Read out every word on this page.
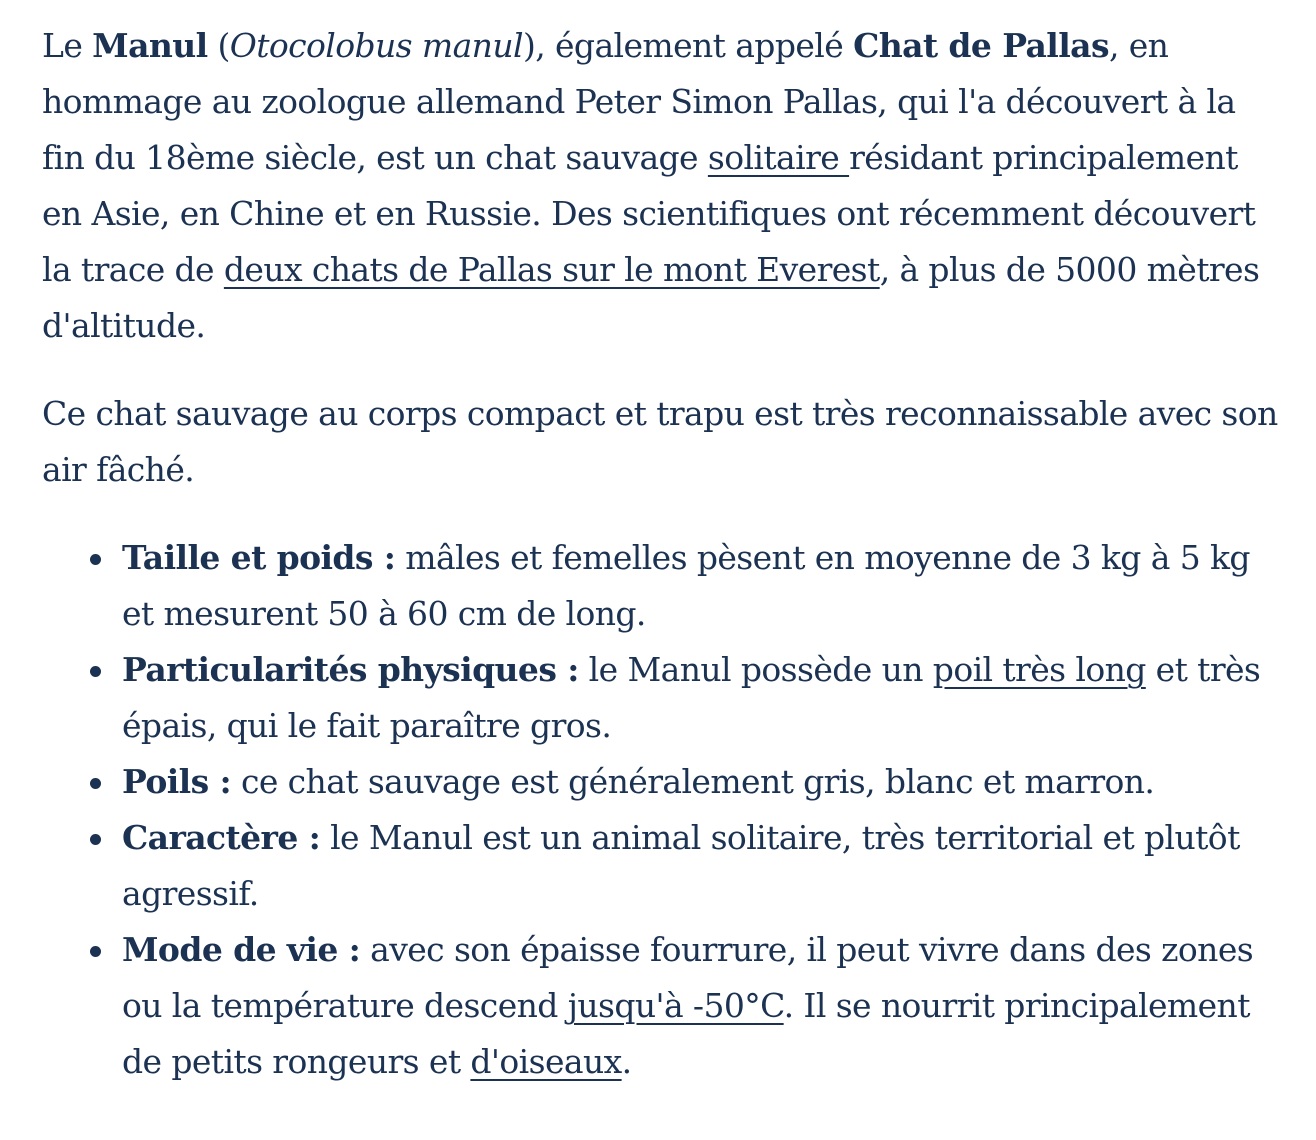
Le Manul (Otocolobus manul), également appelé Chat de Pallas, en hommage au zoologue allemand Peter Simon Pallas, qui l'a découvert à la fin du 18ème siècle, est un chat sauvage solitaire résidant principalement en Asie, en Chine et en Russie. Des scientifiques ont récemment découvert la trace de deux chats de Pallas sur le mont Everest, à plus de 5000 mètres d'altitude.

Ce chat sauvage au corps compact et trapu est très reconnaissable avec son air fâché.

Taille et poids : mâles et femelles pèsent en moyenne de 3 kg à 5 kg et mesurent 50 à 60 cm de long.
Particularités physiques : le Manul possède un poil très long et très épais, qui le fait paraître gros.
Poils : ce chat sauvage est généralement gris, blanc et marron.
Caractère : le Manul est un animal solitaire, très territorial et plutôt agressif.
Mode de vie : avec son épaisse fourrure, il peut vivre dans des zones ou la température descend jusqu'à -50°C. Il se nourrit principalement de petits rongeurs et d'oiseaux.
